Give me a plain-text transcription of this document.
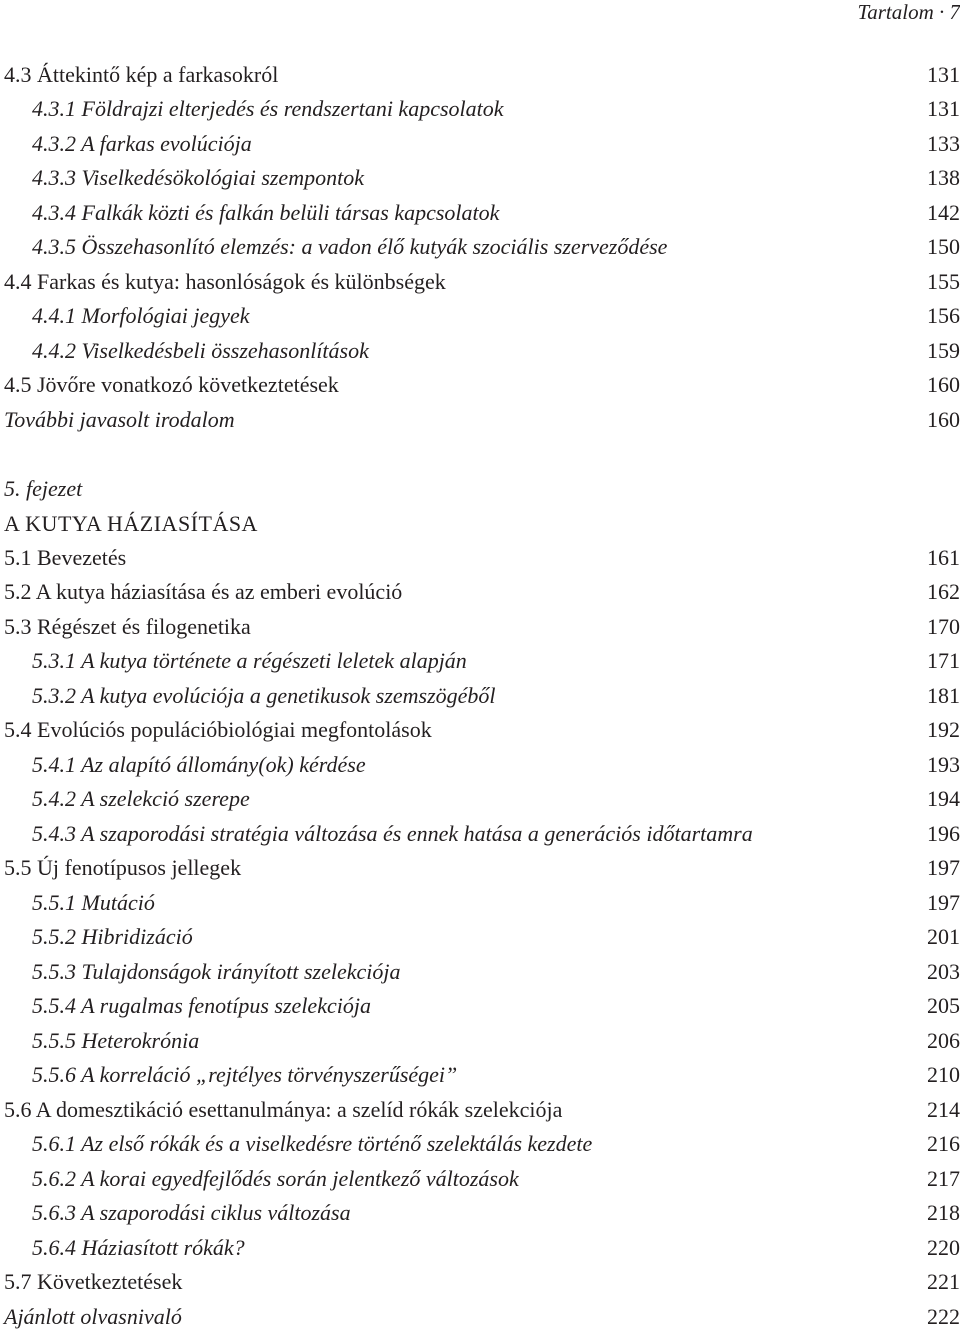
Tartalom · 7
4.3 Áttekintő kép a farkasokról	131
4.3.1 Földrajzi elterjedés és rendszertani kapcsolatok	131
4.3.2 A farkas evolúciója	133
4.3.3 Viselkedésökológiai szempontok	138
4.3.4 Falkák közti és falkán belüli társas kapcsolatok	142
4.3.5 Összehasonlító elemzés: a vadon élő kutyák szociális szerveződése	150
4.4 Farkas és kutya: hasonlóságok és különbségek	155
4.4.1 Morfológiai jegyek	156
4.4.2 Viselkedésbeli összehasonlítások	159
4.5 Jövőre vonatkozó következtetések	160
További javasolt irodalom	160
5. fejezet
A KUTYA HÁZIASÍTÁSA
5.1 Bevezetés	161
5.2 A kutya háziasítása és az emberi evolúció	162
5.3 Régészet és filogenetika	170
5.3.1 A kutya története a régészeti leletek alapján	171
5.3.2 A kutya evolúciója a genetikusok szemszögéből	181
5.4 Evolúciós populációbiológiai megfontolások	192
5.4.1 Az alapító állomány(ok) kérdése	193
5.4.2 A szelekció szerepe	194
5.4.3 A szaporodási stratégia változása és ennek hatása a generációs időtartamra	196
5.5 Új fenotípusos jellegek	197
5.5.1 Mutáció	197
5.5.2 Hibridizáció	201
5.5.3 Tulajdonságok irányított szelekciója	203
5.5.4 A rugalmas fenotípus szelekciója	205
5.5.5 Heterokrónia	206
5.5.6 A korreláció „rejtélyes törvényszerűségei”	210
5.6 A domesztikáció esettanulmánya: a szelíd rókák szelekciója	214
5.6.1 Az első rókák és a viselkedésre történő szelektálás kezdete	216
5.6.2 A korai egyedfejlődés során jelentkező változások	217
5.6.3 A szaporodási ciklus változása	218
5.6.4 Háziasított rókák?	220
5.7 Következtetések	221
Ajánlott olvasnivaló	222
